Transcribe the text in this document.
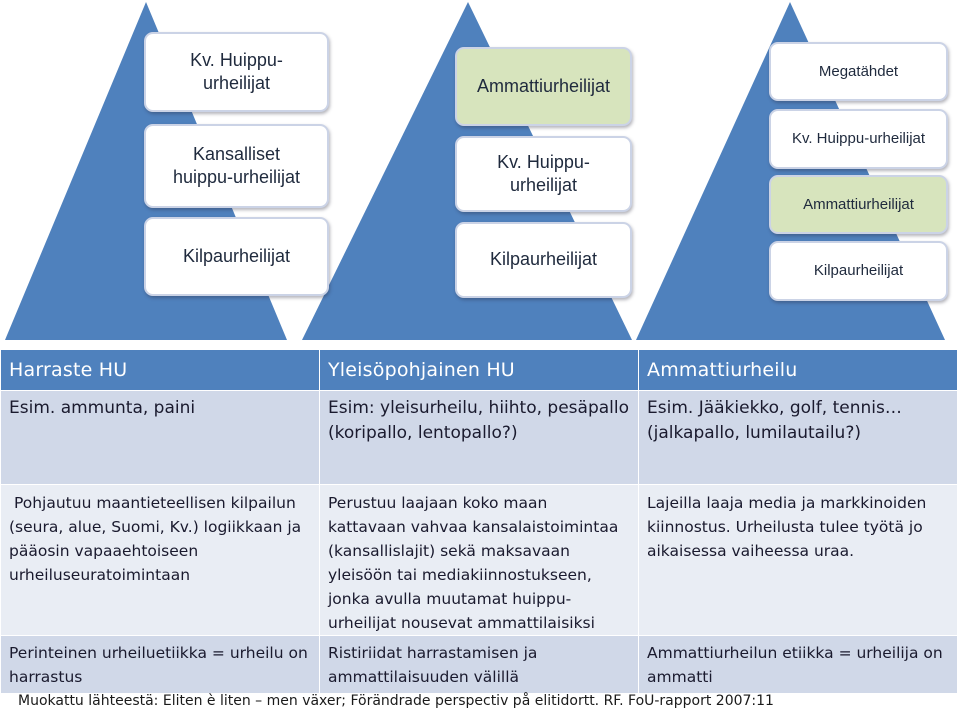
Kv. Huippu-
urheilijat
Kansalliset
huippu-urheilijat
Kilpaurheilijat
Ammattiurheilijat
Kv. Huippu-
urheilijat
Kilpaurheilijat
Megatähdet
Kv. Huippu-urheilijat
Ammattiurheilijat
Kilpaurheilijat
Harraste HU	Yleisöpohjainen HU	Ammattiurheilu
Esim. ammunta, paini	Esim: yleisurheilu, hiihto, pesäpallo (koripallo, lentopallo?)	Esim. Jääkiekko, golf, tennis… (jalkapallo, lumilautailu?)
Pohjautuu maantieteellisen kilpailun (seura, alue, Suomi, Kv.) logiikkaan ja pääosin vapaaehtoiseen urheiluseuratoimintaan	Perustuu laajaan koko maan kattavaan vahvaa kansalaistoimintaa (kansallislajit) sekä maksavaan yleisöön tai mediakiinnostukseen, jonka avulla muutamat huippu-urheilijat nousevat ammattilaisiksi	Lajeilla laaja media ja markkinoiden kiinnostus. Urheilusta tulee työtä jo aikaisessa vaiheessa uraa.
Perinteinen urheiluetiikka = urheilu on harrastus	Ristiriidat harrastamisen ja ammattilaisuuden välillä	Ammattiurheilun etiikka = urheilija on ammatti
Muokattu lähteestä: Eliten è liten – men växer; Förändrade perspectiv på elitidortt. RF. FoU-rapport 2007:11
